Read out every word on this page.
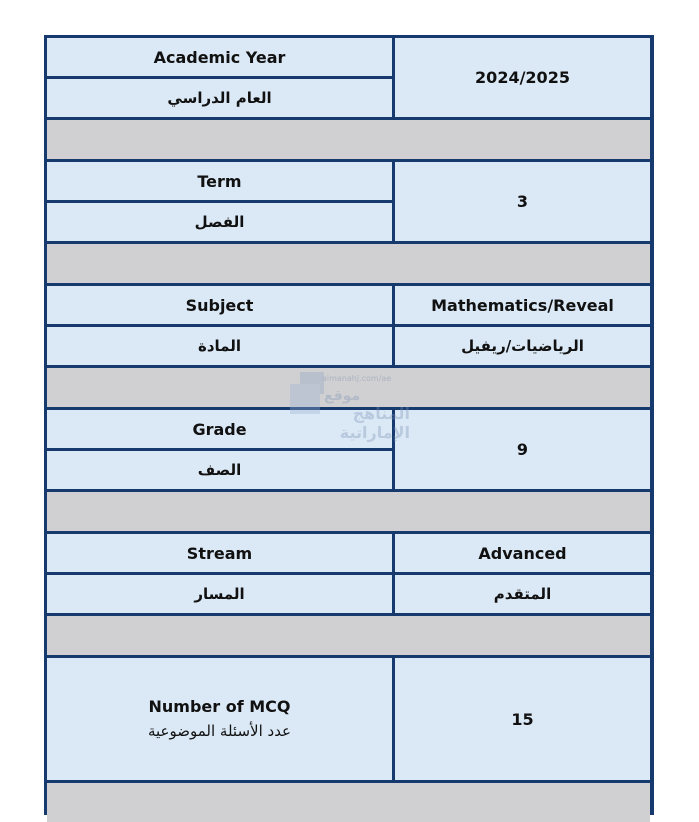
Academic Year
العام الدراسي
2024/2025
Term
الفصل
3
Subject
المادة
Mathematics/Reveal
الرياضيات/ريفيل
Grade
الصف
9
Stream
المسار
Advanced
المتقدم
Number of MCQ
عدد الأسئلة الموضوعية
15
almanahj.com/ae
موقع
المناهج الإماراتية
